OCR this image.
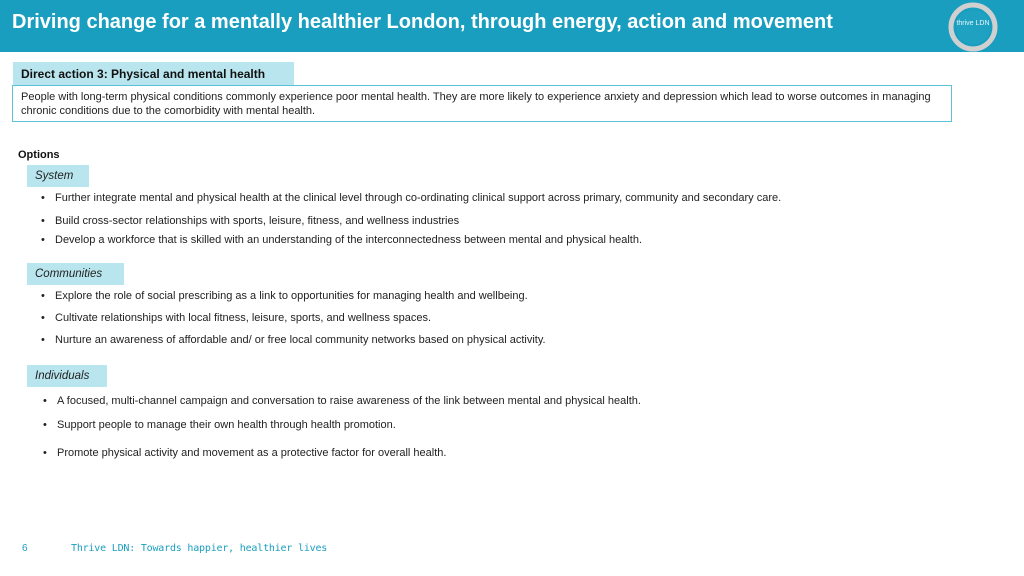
Driving change for a mentally healthier London, through energy, action and movement	thrive LDN
Direct action 3: Physical and mental health
People with long-term physical conditions commonly experience poor mental health. They are more likely to experience anxiety and depression which lead to worse outcomes in managing chronic conditions due to the comorbidity with mental health.
Options
System
• Further integrate mental and physical health at the clinical level through co-ordinating clinical support across primary, community and secondary care.
• Build cross-sector relationships with sports, leisure, fitness, and wellness industries
• Develop a workforce that is skilled with an understanding of the interconnectedness between mental and physical health.
Communities
• Explore the role of social prescribing as a link to opportunities for managing health and wellbeing.
• Cultivate relationships with local fitness, leisure, sports, and wellness spaces.
• Nurture an awareness of affordable and/ or free local community networks based on physical activity.
Individuals
• A focused, multi-channel campaign and conversation to raise awareness of the link between mental and physical health.
• Support people to manage their own health through health promotion.
• Promote physical activity and movement as a protective factor for overall health.
6	Thrive LDN: Towards happier, healthier lives
